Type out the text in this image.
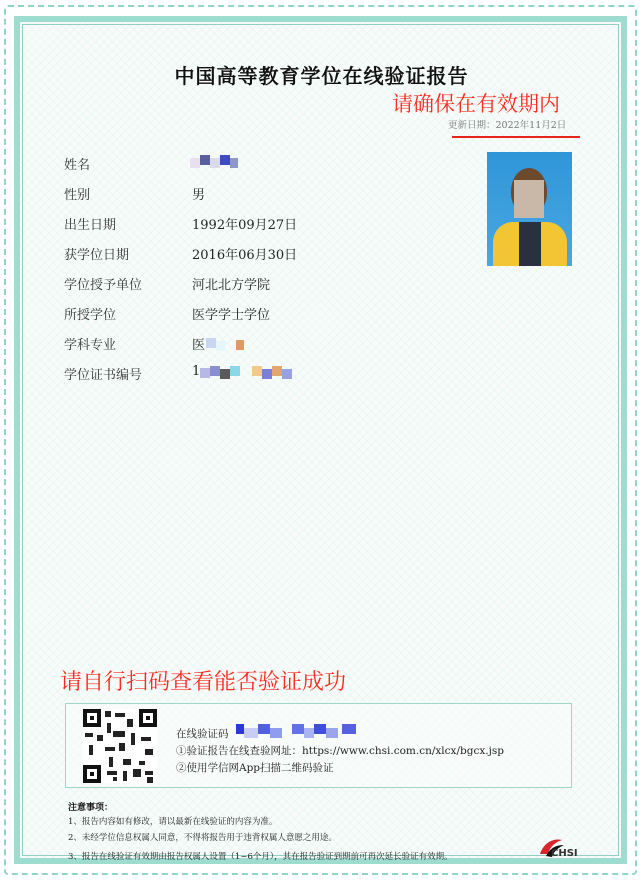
中国高等教育学位在线验证报告
请确保在有效期内
更新日期：2022年11月2日
姓名
性别
出生日期
获学位日期
学位授予单位
所授学位
学科专业
学位证书编号
男
1992年09月27日
2016年06月30日
河北北方学院
医学学士学位
医
1
请自行扫码查看能否验证成功
在线验证码
①验证报告在线查验网址：https://www.chsi.com.cn/xlcx/bgcx.jsp
②使用学信网App扫描二维码验证
注意事项：
1、报告内容如有修改，请以最新在线验证的内容为准。
2、未经学位信息权属人同意，不得将报告用于违背权属人意愿之用途。
3、报告在线验证有效期由报告权属人设置（1~6个月），其在报告验证到期前可再次延长验证有效期。	CHSI
